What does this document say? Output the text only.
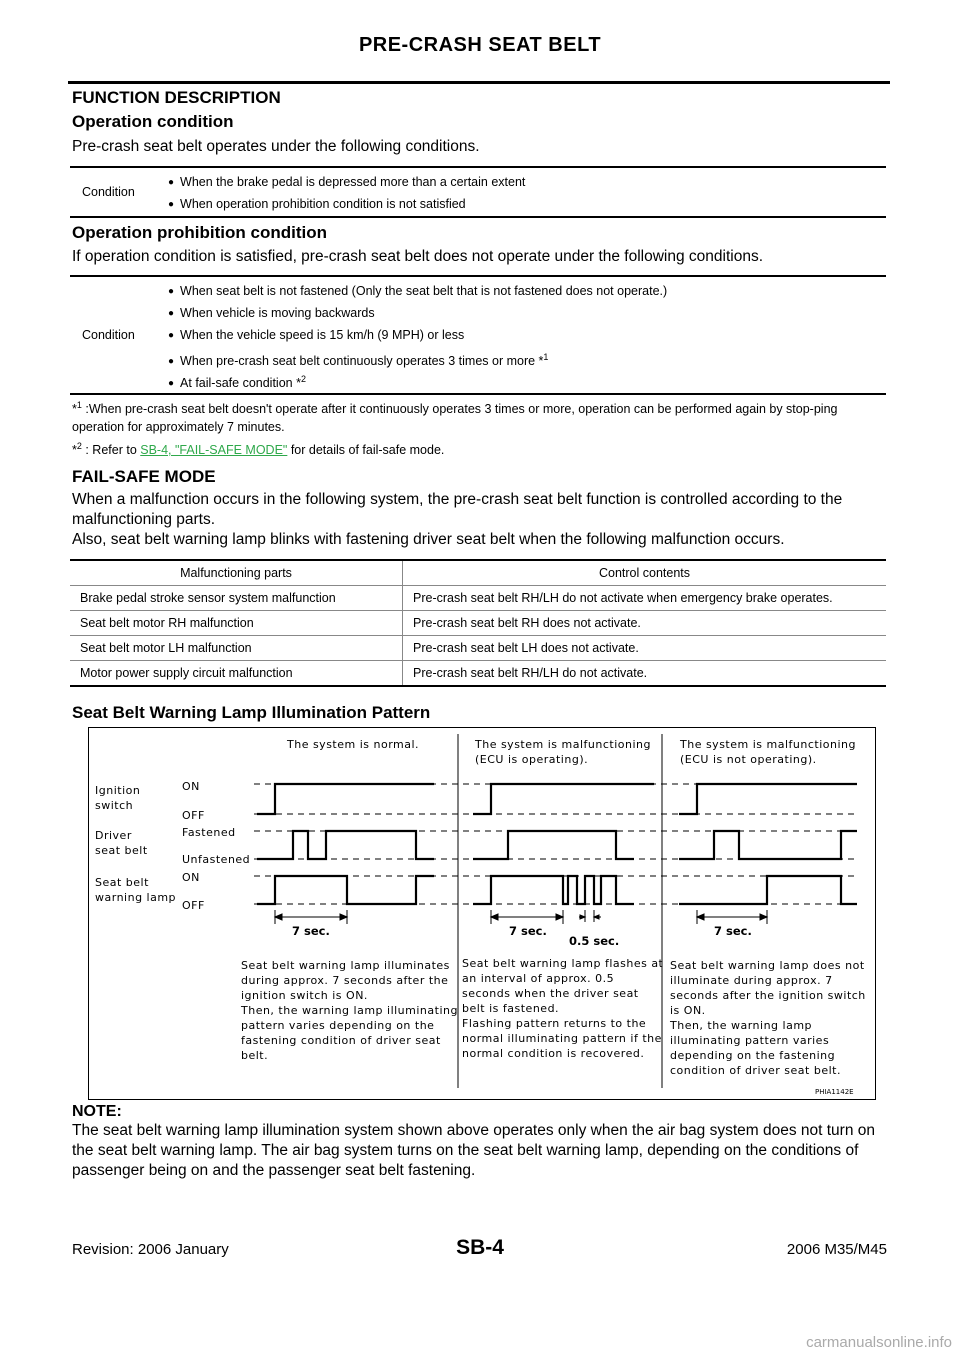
PRE-CRASH SEAT BELT
FUNCTION DESCRIPTION
Operation condition
Pre-crash seat belt operates under the following conditions.
Condition	
● When the brake pedal is depressed more than a certain extent
● When operation prohibition condition is not satisfied
Operation prohibition condition
If operation condition is satisfied, pre-crash seat belt does not operate under the following conditions.
Condition	
● When seat belt is not fastened (Only the seat belt that is not fastened does not operate.)
● When vehicle is moving backwards
● When the vehicle speed is 15 km/h (9 MPH) or less
● When pre-crash seat belt continuously operates 3 times or more *$^1$
● At fail-safe condition *$^2$
*$^1$ :When pre-crash seat belt doesn't operate after it continuously operates 3 times or more, operation can be performed again by stop-ping operation for approximately 7 minutes.
*$^2$ : Refer to SB-4, "FAIL-SAFE MODE" for details of fail-safe mode.
FAIL-SAFE MODE
When a malfunction occurs in the following system, the pre-crash seat belt function is controlled according to the malfunctioning parts.
Also, seat belt warning lamp blinks with fastening driver seat belt when the following malfunction occurs.
Malfunctioning parts	Control contents
Brake pedal stroke sensor system malfunction	Pre-crash seat belt RH/LH do not activate when emergency brake operates.
Seat belt motor RH malfunction	Pre-crash seat belt RH does not activate.
Seat belt motor LH malfunction	Pre-crash seat belt LH does not activate.
Motor power supply circuit malfunction	Pre-crash seat belt RH/LH do not activate.
Seat Belt Warning Lamp Illumination Pattern
The system is normal.	The system is malfunctioning
(ECU is operating).
The system is malfunctioning
(ECU is not operating).
Ignition
switch
Driver
seat belt
Seat belt
warning lamp
ON
OFF
Fastened
Unfastened
ON
OFF
7 sec.	7 sec.	7 sec.
0.5 sec.
Seat belt warning lamp illuminates
during approx. 7 seconds after the
ignition switch is ON.
Then, the warning lamp illuminating
pattern varies depending on the
fastening condition of driver seat
belt.
Seat belt warning lamp flashes at
an interval of approx. 0.5
seconds when the driver seat
belt is fastened.
Flashing pattern returns to the
normal illuminating pattern if the
normal condition is recovered.
Seat belt warning lamp does not
illuminate during approx. 7
seconds after the ignition switch
is ON.
Then, the warning lamp
illuminating pattern varies
depending on the fastening
condition of driver seat belt.
PHIA1142E
NOTE:
The seat belt warning lamp illumination system shown above operates only when the air bag system does not turn on the seat belt warning lamp. The air bag system turns on the seat belt warning lamp, depending on the conditions of passenger being on and the passenger seat belt fastening.
Revision: 2006 January	SB-4	2006 M35/M45
carmanualsonline.info
